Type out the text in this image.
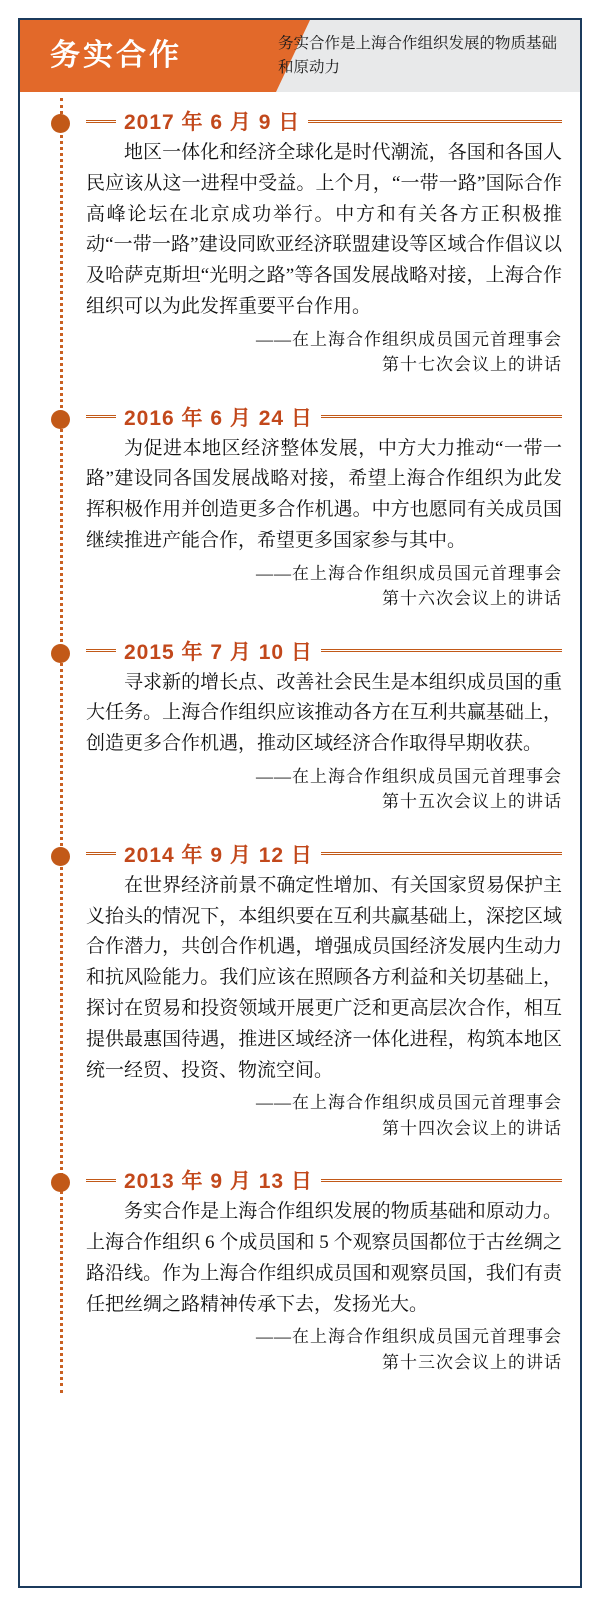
务实合作	务实合作是上海合作组织发展的物质基础和原动力
2017 年 6 月 9 日

地区一体化和经济全球化是时代潮流，各国和各国人民应该从这一进程中受益。上个月，“一带一路”国际合作高峰论坛在北京成功举行。中方和有关各方正积极推动“一带一路”建设同欧亚经济联盟建设等区域合作倡议以及哈萨克斯坦“光明之路”等各国发展战略对接，上海合作组织可以为此发挥重要平台作用。

——在上海合作组织成员国元首理事会
第十七次会议上的讲话
2016 年 6 月 24 日

为促进本地区经济整体发展，中方大力推动“一带一路”建设同各国发展战略对接，希望上海合作组织为此发挥积极作用并创造更多合作机遇。中方也愿同有关成员国继续推进产能合作，希望更多国家参与其中。

——在上海合作组织成员国元首理事会
第十六次会议上的讲话
2015 年 7 月 10 日

寻求新的增长点、改善社会民生是本组织成员国的重大任务。上海合作组织应该推动各方在互利共赢基础上，创造更多合作机遇，推动区域经济合作取得早期收获。

——在上海合作组织成员国元首理事会
第十五次会议上的讲话
2014 年 9 月 12 日

在世界经济前景不确定性增加、有关国家贸易保护主义抬头的情况下，本组织要在互利共赢基础上，深挖区域合作潜力，共创合作机遇，增强成员国经济发展内生动力和抗风险能力。我们应该在照顾各方利益和关切基础上，探讨在贸易和投资领域开展更广泛和更高层次合作，相互提供最惠国待遇，推进区域经济一体化进程，构筑本地区统一经贸、投资、物流空间。

——在上海合作组织成员国元首理事会
第十四次会议上的讲话
2013 年 9 月 13 日

务实合作是上海合作组织发展的物质基础和原动力。上海合作组织 6 个成员国和 5 个观察员国都位于古丝绸之路沿线。作为上海合作组织成员国和观察员国，我们有责任把丝绸之路精神传承下去，发扬光大。

——在上海合作组织成员国元首理事会
第十三次会议上的讲话
